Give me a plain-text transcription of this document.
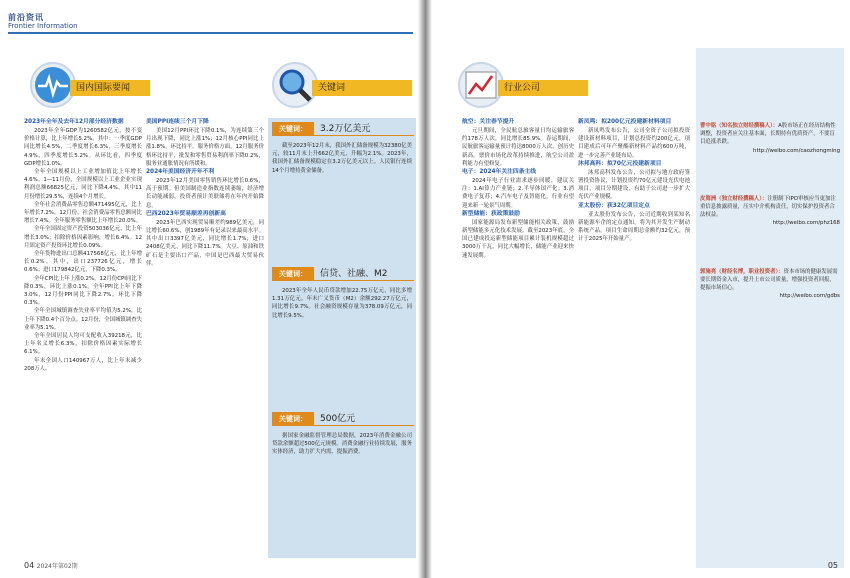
前沿资讯
Frontier Information
国内国际要闻	关键词

2023年全年及去年12月部分经济数据

2023年全年GDP为1260582亿元，按不变价格计算，比上年增长5.2%。其中：一季度GDP同比增长4.5%，二季度增长6.3%，三季度增长4.9%，四季度增长5.2%。从环比看，四季度GDP增长1.0%。

全年全国规模以上工业增加值比上年增长4.6%。1—11月份，全国规模以上工业企业实现利润总额66825亿元，同比下降4.4%，其中11月份增长29.5%，连续4个月增长。

全年社会消费品零售总额471495亿元，比上年增长7.2%。12月份，社会消费品零售总额同比增长7.4%。全年服务零售额比上年增长20.0%。

全年全国固定资产投资503036亿元，比上年增长3.0%；扣除价格因素影响，增长6.4%。12月固定资产投资环比增长0.09%。

全年货物进出口总额417568亿元，比上年增长0.2%。其中，出口237726亿元，增长0.6%；进口179842亿元，下降0.3%。

全年CPI比上年上涨0.2%。12月份CPI同比下降0.3%，环比上涨0.1%。全年PPI比上年下降3.0%，12月份PPI同比下降2.7%，环比下降0.3%。

全年全国城镇调查失业率平均值为5.2%，比上年下降0.4个百分点。12月份，全国城镇调查失业率为5.1%。

全年全国居民人均可支配收入39218元，比上年名义增长6.3%，扣除价格因素实际增长6.1%。

年末全国人口140967万人，比上年末减少208万人。

美国PPI连续三个月下降

美国12月PPI环比下降0.1%，为连续第三个月出现下降，同比上涨1%；12月核心PPI同比上涨1.8%，环比持平。服务价格方面，12月服务价格环比持平，批发和零售贸易利润率下降0.2%，服务业通胀情况有所缓和。

2024年美国经济开年不利

2023年12月美国零售销售环比增长0.6%，高于预期。但美国制造业指数连续萎缩，经济增长动能减弱，投资者预计美联储将在年内开始降息。

巴西2023年贸易顺差再创新高

2023年巴西实现贸易顺差约989亿美元，同比增长60.6%，创1989年有记录以来最高水平。其中出口3397亿美元，同比增长1.7%；进口2408亿美元，同比下降11.7%。大豆、原油和铁矿石是主要出口产品，中国是巴西最大贸易伙伴。

关键词：	3.2万亿美元

截至2023年12月末，我国外汇储备规模为32380亿美元，较11月末上升662亿美元，升幅为2.1%。2023年，我国外汇储备规模稳定在3.2万亿美元以上。人民银行连续14个月增持黄金储备。

关键词：	信贷、社融、M2

2023年全年人民币贷款增加22.75万亿元，同比多增1.31万亿元。年末广义货币（M2）余额292.27万亿元，同比增长9.7%。社会融资规模存量为378.09万亿元，同比增长9.5%。

关键词：	500亿元

据国家金融监督管理总局数据，2023年消费金融公司贷款余额超过500亿元规模。消费金融行业持续发展，服务实体经济，助力扩大内需、提振消费。

04 2024年第02期
行业公司

航空：关注春节提升

元旦期间，全民航总旅客量日均运输旅客约178万人次，同比增长85.9%。春运期间，民航旅客运输量预计将达8000万人次，创历史新高。票价市场化改革持续推进，航空公司盈利能力有望修复。

电子：2024年关注四条主线

2024年电子行业需求逐步回暖，建议关注：1.AI算力产业链；2.半导体国产化；3.消费电子复苏；4.汽车电子及智能化。行业有望迎来新一轮景气周期。

新型储能：获政策鼓励

国家能源局发布新型储能相关政策，鼓励新型储能多元化技术发展。截至2023年底，全国已建成投运新型储能项目累计装机规模超过3000万千瓦，同比大幅增长，储能产业迎来快速发展期。

新凤鸣：拟200亿元投建新材料项目

新凤鸣发布公告，公司全资子公司拟投资建设新材料项目，计划总投资约200亿元，项目建成后可年产聚酯新材料产品约600万吨，进一步完善产业链布局。

沐邦高科：拟70亿元投建新项目

沐邦高科发布公告，公司拟与地方政府签署投资协议，计划投资约70亿元建设光伏电池项目，项目分期建设，有助于公司进一步扩大光伏产业规模。

亚太股份：获32亿项目定点

亚太股份发布公告，公司近期收到某知名新能源车企的定点通知，将为其开发生产制动系统产品，项目生命周期总金额约32亿元，预计于2025年开始量产。

曹中铭（知名独立财经撰稿人）：A股市场正在经历结构性调整，投资者应关注基本面，长期持有优质资产，不要盲目追涨杀跌。
http://weibo.com/caozhongming
皮海洲（独立财经撰稿人）：注册制下IPO审核应当更加注重信息披露质量，压实中介机构责任，切实保护投资者合法权益。
http://weibo.com/phz168
郭施亮（财经名博，职业投资者）：资本市场的健康发展需要长期资金入市，提升上市公司质量，增强投资者回报，提振市场信心。
http://weibo.com/gdbs
05
